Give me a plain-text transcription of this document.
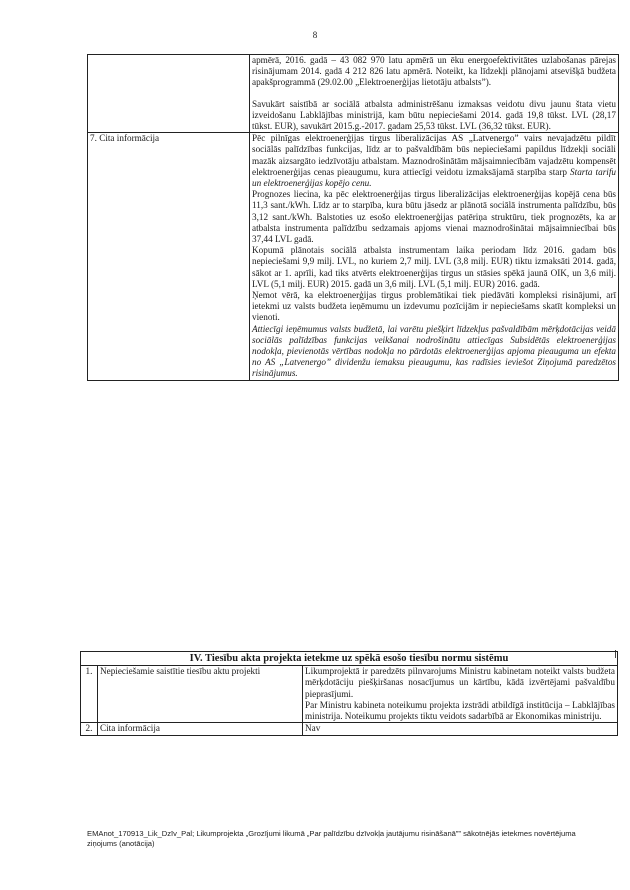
8

	apmērā, 2016. gadā – 43 082 970 latu apmērā un ēku energoefektivitātes uzlabošanas pārejas risinājumam 2014. gadā 4 212 826 latu apmērā. Noteikt, ka līdzekļi plānojami atsevišķā budžeta apakšprogrammā (29.02.00 „Elektroenerģijas lietotāju atbalsts”).

Savukārt saistībā ar sociālā atbalsta administrēšanu izmaksas veidotu divu jaunu štata vietu izveidošanu Labklājības ministrijā, kam būtu nepieciešami 2014. gadā 19,8 tūkst. LVL (28,17 tūkst. EUR), savukārt 2015.g.-2017. gadam 25,53 tūkst. LVL (36,32 tūkst. EUR).

7. Cita informācija	Pēc pilnīgas elektroenerģijas tirgus liberalizācijas AS „Latvenergo” vairs nevajadzētu pildīt sociālās palīdzības funkcijas, līdz ar to pašvaldībām būs nepieciešami papildus līdzekļi sociāli mazāk aizsargāto iedzīvotāju atbalstam. Maznodrošinātām mājsaimniecībām vajadzētu kompensēt elektroenerģijas cenas pieaugumu, kura attiecīgi veidotu izmaksājamā starpība starp Starta tarifu un elektroenerģijas kopējo cenu.

Prognozes liecina, ka pēc elektroenerģijas tirgus liberalizācijas elektroenerģijas kopējā cena būs 11,3 sant./kWh. Līdz ar to starpība, kura būtu jāsedz ar plānotā sociālā instrumenta palīdzību, būs 3,12 sant./kWh. Balstoties uz esošo elektroenerģijas patēriņa struktūru, tiek prognozēts, ka ar atbalsta instrumenta palīdzību sedzamais apjoms vienai maznodrošinātai mājsaimniecībai būs 37,44 LVL gadā.

Kopumā plānotais sociālā atbalsta instrumentam laika periodam līdz 2016. gadam būs nepieciešami 9,9 milj. LVL, no kuriem 2,7 milj. LVL (3,8 milj. EUR) tiktu izmaksāti 2014. gadā, sākot ar 1. aprīli, kad tiks atvērts elektroenerģijas tirgus un stāsies spēkā jaunā OIK, un 3,6 milj. LVL (5,1 milj. EUR) 2015. gadā un 3,6 milj. LVL (5,1 milj. EUR) 2016. gadā.

Ņemot vērā, ka elektroenerģijas tirgus problemātikai tiek piedāvāti kompleksi risinājumi, arī ietekmi uz valsts budžeta ieņēmumu un izdevumu pozīcijām ir nepieciešams skatīt kompleksi un vienoti.

Attiecīgi ieņēmumus valsts budžetā, lai varētu piešķirt līdzekļus pašvaldībām mērķdotācijas veidā sociālās palīdzības funkcijas veikšanai nodrošinātu attiecīgas Subsidētās elektroenerģijas nodokļa, pievienotās vērtības nodokļa no pārdotās elektroenerģijas apjoma pieauguma un efekta no AS „Latvenergo” dividenžu iemaksu pieaugumu, kas radīsies ieviešot Ziņojumā paredzētos risinājumus.

IV. Tiesību akta projekta ietekme uz spēkā esošo tiesību normu sistēmu		
1.	Nepieciešamie saistītie tiesību aktu projekti	Likumprojektā ir paredzēts pilnvarojums Ministru kabinetam noteikt valsts budžeta mērķdotāciju piešķiršanas nosacījumus un kārtību, kādā izvērtējami pašvaldību pieprasījumi.

Par Ministru kabineta noteikumu projekta izstrādi atbildīgā institūcija – Labklājības ministrija. Noteikumu projekts tiktu veidots sadarbībā ar Ekonomikas ministriju.

2.	Cita informācija	Nav

EMAnot_170913_Lik_Dzīv_Pal; Likumprojekta „Grozījumi likumā „Par palīdzību dzīvokļa jautājumu risināšanā”” sākotnējās ietekmes novērtējuma ziņojums (anotācija)
